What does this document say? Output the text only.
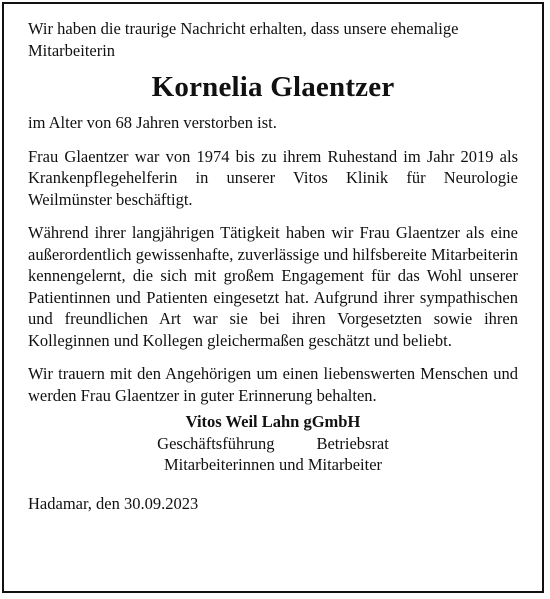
Wir haben die traurige Nachricht erhalten, dass unsere ehemalige Mitarbeiterin

Kornelia Glaentzer

im Alter von 68 Jahren verstorben ist.

Frau Glaentzer war von 1974 bis zu ihrem Ruhestand im Jahr 2019 als Krankenpflegehelferin in unserer Vitos Klinik für Neurologie Weilmünster beschäftigt.

Während ihrer langjährigen Tätigkeit haben wir Frau Glaentzer als eine außerordentlich gewissenhafte, zuverlässige und hilfsbereite Mitarbeiterin kennengelernt, die sich mit großem Engagement für das Wohl unserer Patientinnen und Patienten eingesetzt hat. Aufgrund ihrer sympathischen und freundlichen Art war sie bei ihren Vorgesetzten sowie ihren Kolleginnen und Kollegen gleichermaßen geschätzt und beliebt.

Wir trauern mit den Angehörigen um einen liebenswerten Menschen und werden Frau Glaentzer in guter Erinnerung behalten.

Vitos Weil Lahn gGmbH
Geschäftsführung	Betriebsrat
Mitarbeiterinnen und Mitarbeiter
Hadamar, den 30.09.2023
